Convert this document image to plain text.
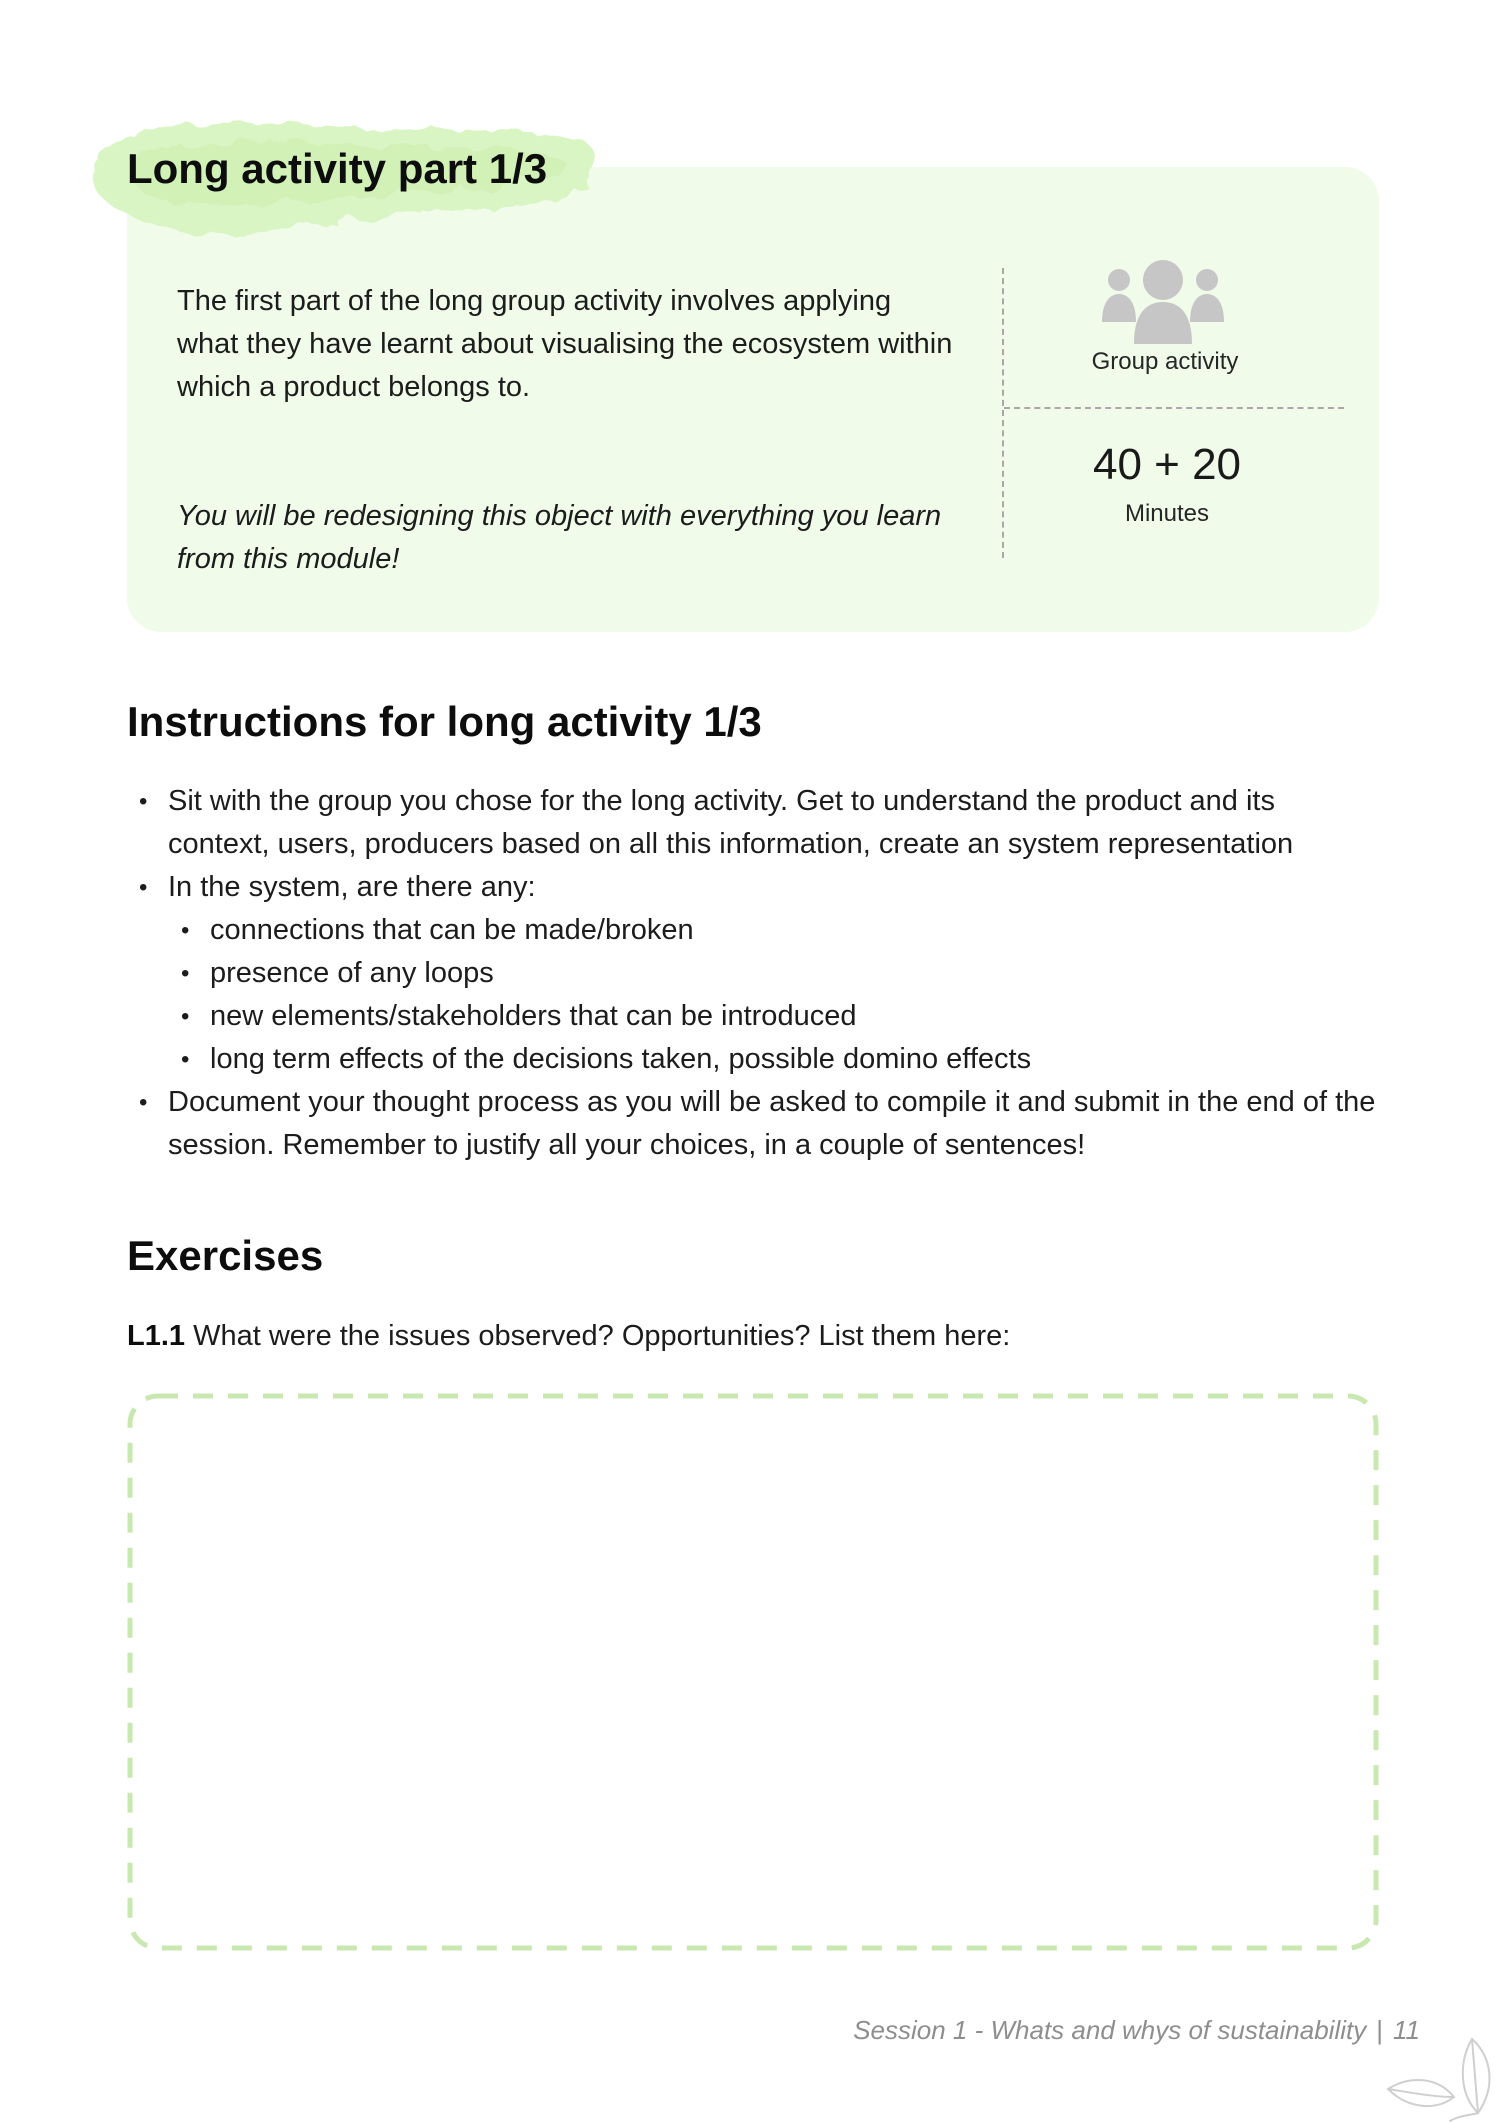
Long activity part 1/3

The first part of the long group activity involves applying what they have learnt about visualising the ecosystem within which a product belongs to.

You will be redesigning this object with everything you learn from this module!

Group activity
40 + 20
Minutes
Instructions for long activity 1/3
• Sit with the group you chose for the long activity. Get to understand the product and its context, users, producers based on all this information, create an system representation
• In the system, are there any:
• connections that can be made/broken
• presence of any loops
• new elements/stakeholders that can be introduced
• long term effects of the decisions taken, possible domino effects
• Document your thought process as you will be asked to compile it and submit in the end of the session. Remember to justify all your choices, in a couple of sentences!
Exercises

L1.1 What were the issues observed? Opportunities? List them here:

Session 1 - Whats and whys of sustainability | 11
